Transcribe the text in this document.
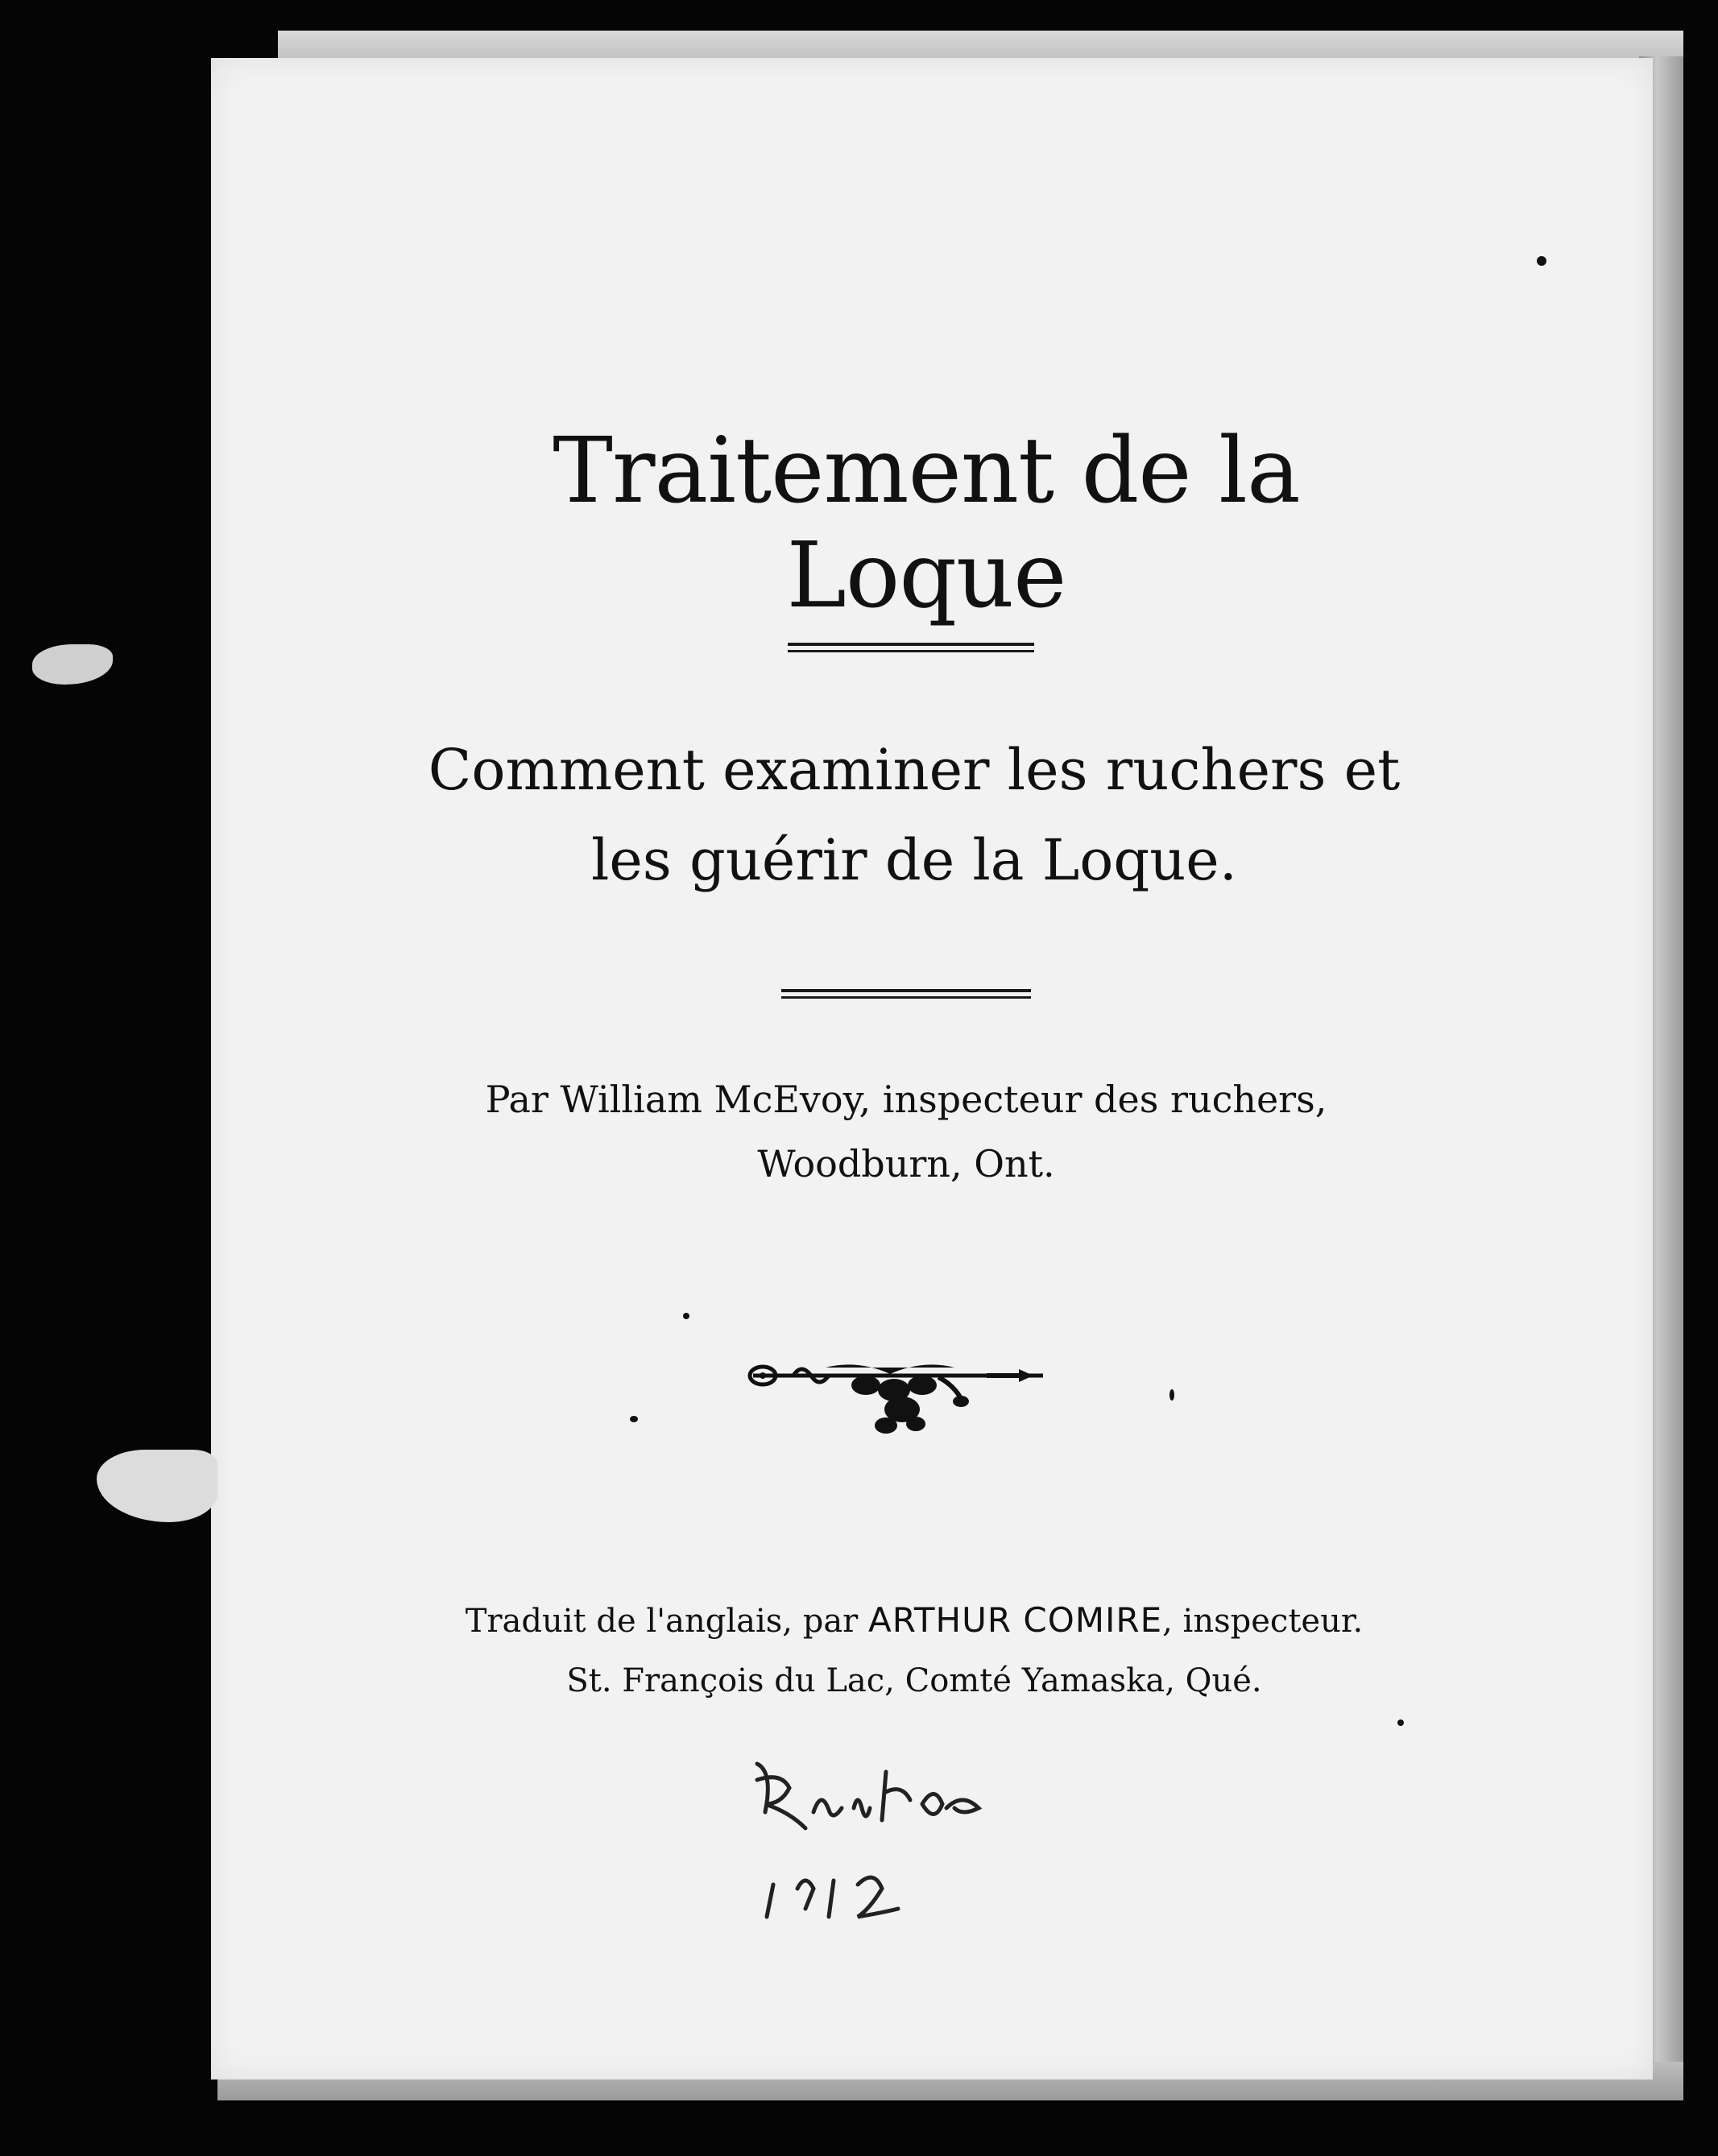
Traitement de la Loque
Comment examiner les ruchers et
les guérir de la Loque.
Par William McEvoy, inspecteur des ruchers,
Woodburn, Ont.
Traduit de l'anglais, par ARTHUR COMIRE, inspecteur.
St. François du Lac, Comté Yamaska, Qué.
